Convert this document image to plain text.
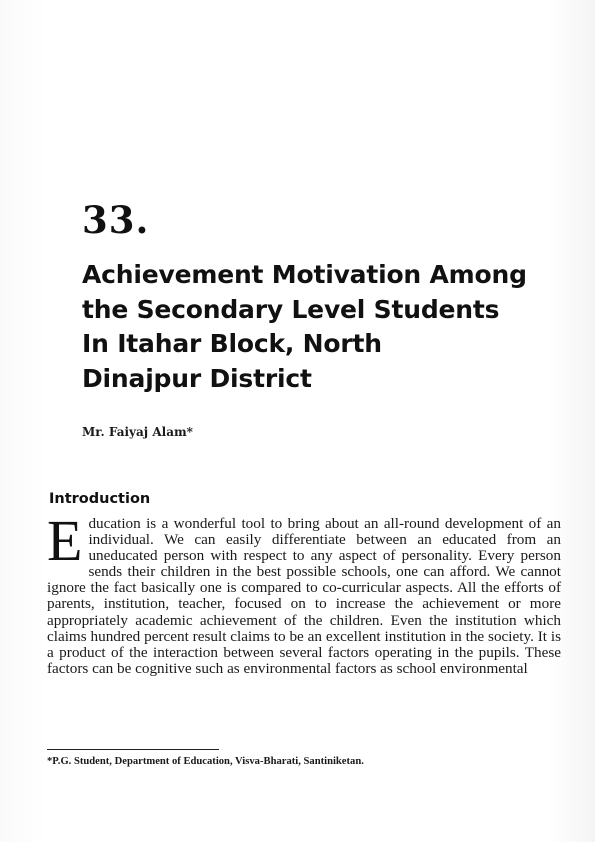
33.
Achievement Motivation Among
the Secondary Level Students
In Itahar Block, North
Dinajpur District
Mr. Faiyaj Alam*
Introduction
Education is a wonderful tool to bring about an all-round development of an individual. We can easily differentiate between an educated from an uneducated person with respect to any aspect of personality. Every person sends their children in the best possible schools, one can afford. We cannot ignore the fact basically one is compared to co-curricular aspects. All the efforts of parents, institution, teacher, focused on to increase the achievement or more appropriately academic achievement of the children. Even the institution which claims hundred percent result claims to be an excellent institution in the society. It is a product of the interaction between several factors operating in the pupils. These factors can be cognitive such as environmental factors as school environmental
*P.G. Student, Department of Education, Visva-Bharati, Santiniketan.
